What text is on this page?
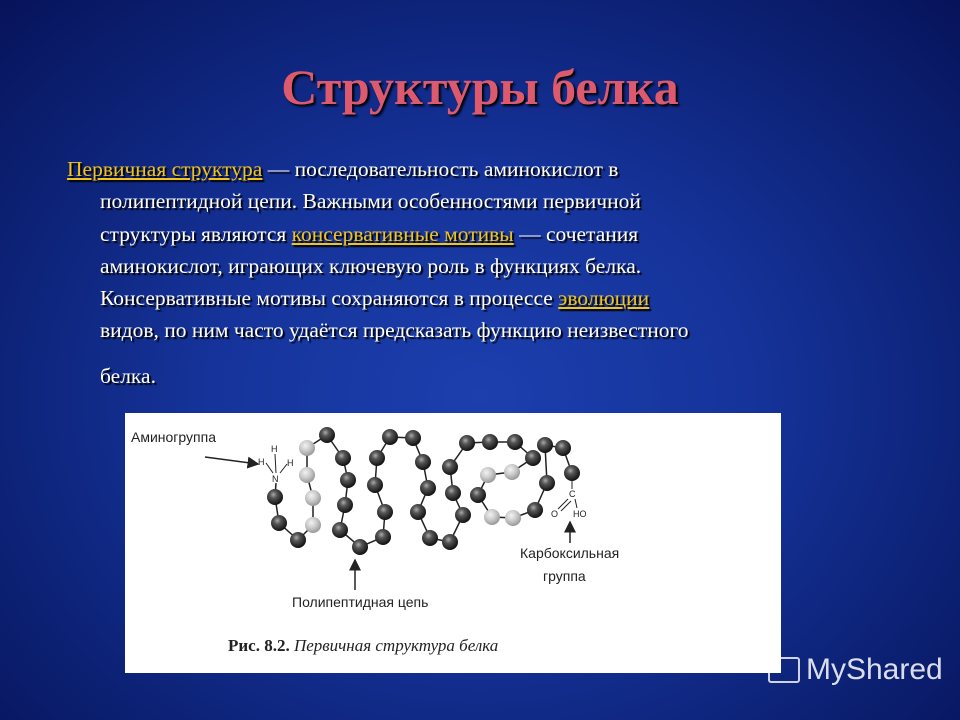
Структуры белка
Первичная структура — последовательность аминокислот в
полипептидной цепи. Важными особенностями первичной
структуры являются консервативные мотивы — сочетания
аминокислот, играющих ключевую роль в функциях белка.
Консервативные мотивы сохраняются в процессе эволюции
видов, по ним часто удаётся предсказать функцию неизвестного
белка.
Аминогруппа
H
H	H
N
C
O HO
Полипептидная цепь
Карбоксильная
группа
Рис. 8.2. Первичная структура белка
MyShared
